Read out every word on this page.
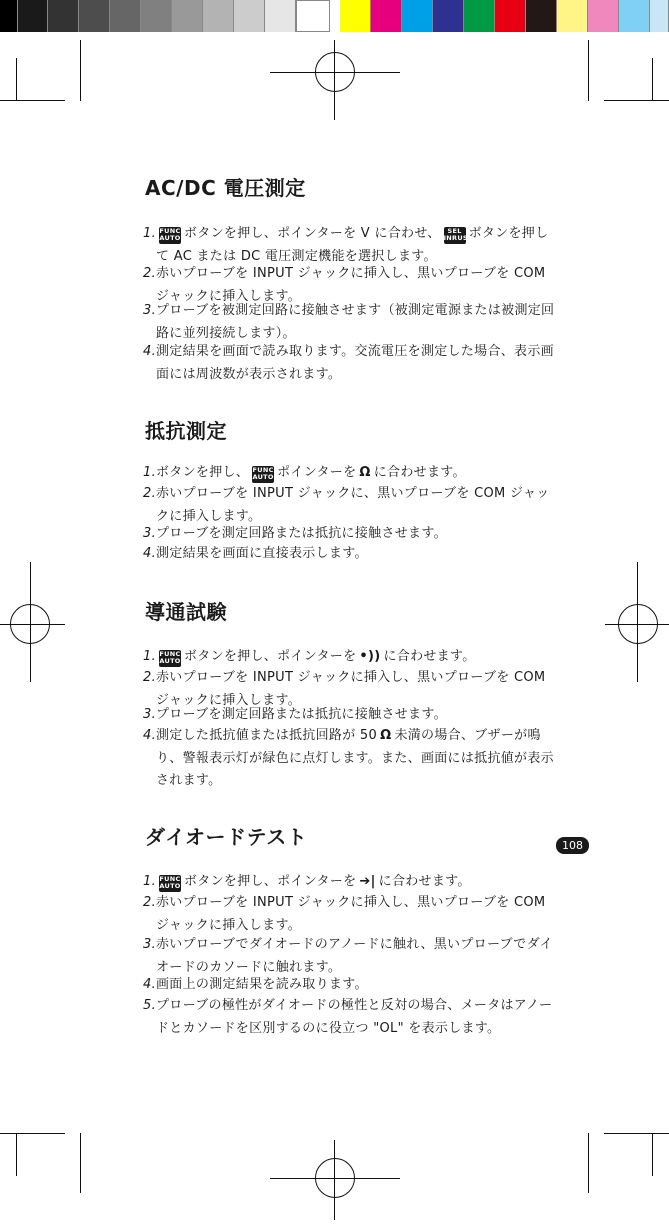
AC/DC 電圧測定
1. FUNC
AUTO ボタンを押し、ポインターを V に合わせ、	SEL
INRUSH
ボタンを押して AC または DC 電圧測定機能を選択します。
2. 赤いプローブを INPUT ジャックに挿入し、黒いプローブを COM ジャックに挿入します。
3. プローブを被測定回路に接触させます（被測定電源または被測定回路に並列接続します）。
4. 測定結果を画面で読み取ります。交流電圧を測定した場合、表示画面には周波数が表示されます。
抵抗測定
1. ボタンを押し、 FUNC
AUTO ポインターを Ω に合わせます。
2. 赤いプローブを INPUT ジャックに、黒いプローブを COM ジャックに挿入します。
3. プローブを測定回路または抵抗に接触させます。
4. 測定結果を画面に直接表示します。
導通試験
1. FUNC
AUTO ボタンを押し、ポインターを •)) に合わせます。
2. 赤いプローブを INPUT ジャックに挿入し、黒いプローブを COM ジャックに挿入します。
3. プローブを測定回路または抵抗に接触させます。
4. 測定した抵抗値または抵抗回路が 50 Ω 未満の場合、ブザーが鳴り、警報表示灯が緑色に点灯します。また、画面には抵抗値が表示されます。
ダイオードテスト	108
1. FUNC
AUTO ボタンを押し、ポインターを ➔| に合わせます。
2. 赤いプローブを INPUT ジャックに挿入し、黒いプローブを COM ジャックに挿入します。
3. 赤いプローブでダイオードのアノードに触れ、黒いプローブでダイオードのカソードに触れます。
4. 画面上の測定結果を読み取ります。
5. プローブの極性がダイオードの極性と反対の場合、メータはアノードとカソードを区別するのに役立つ "OL" を表示します。
